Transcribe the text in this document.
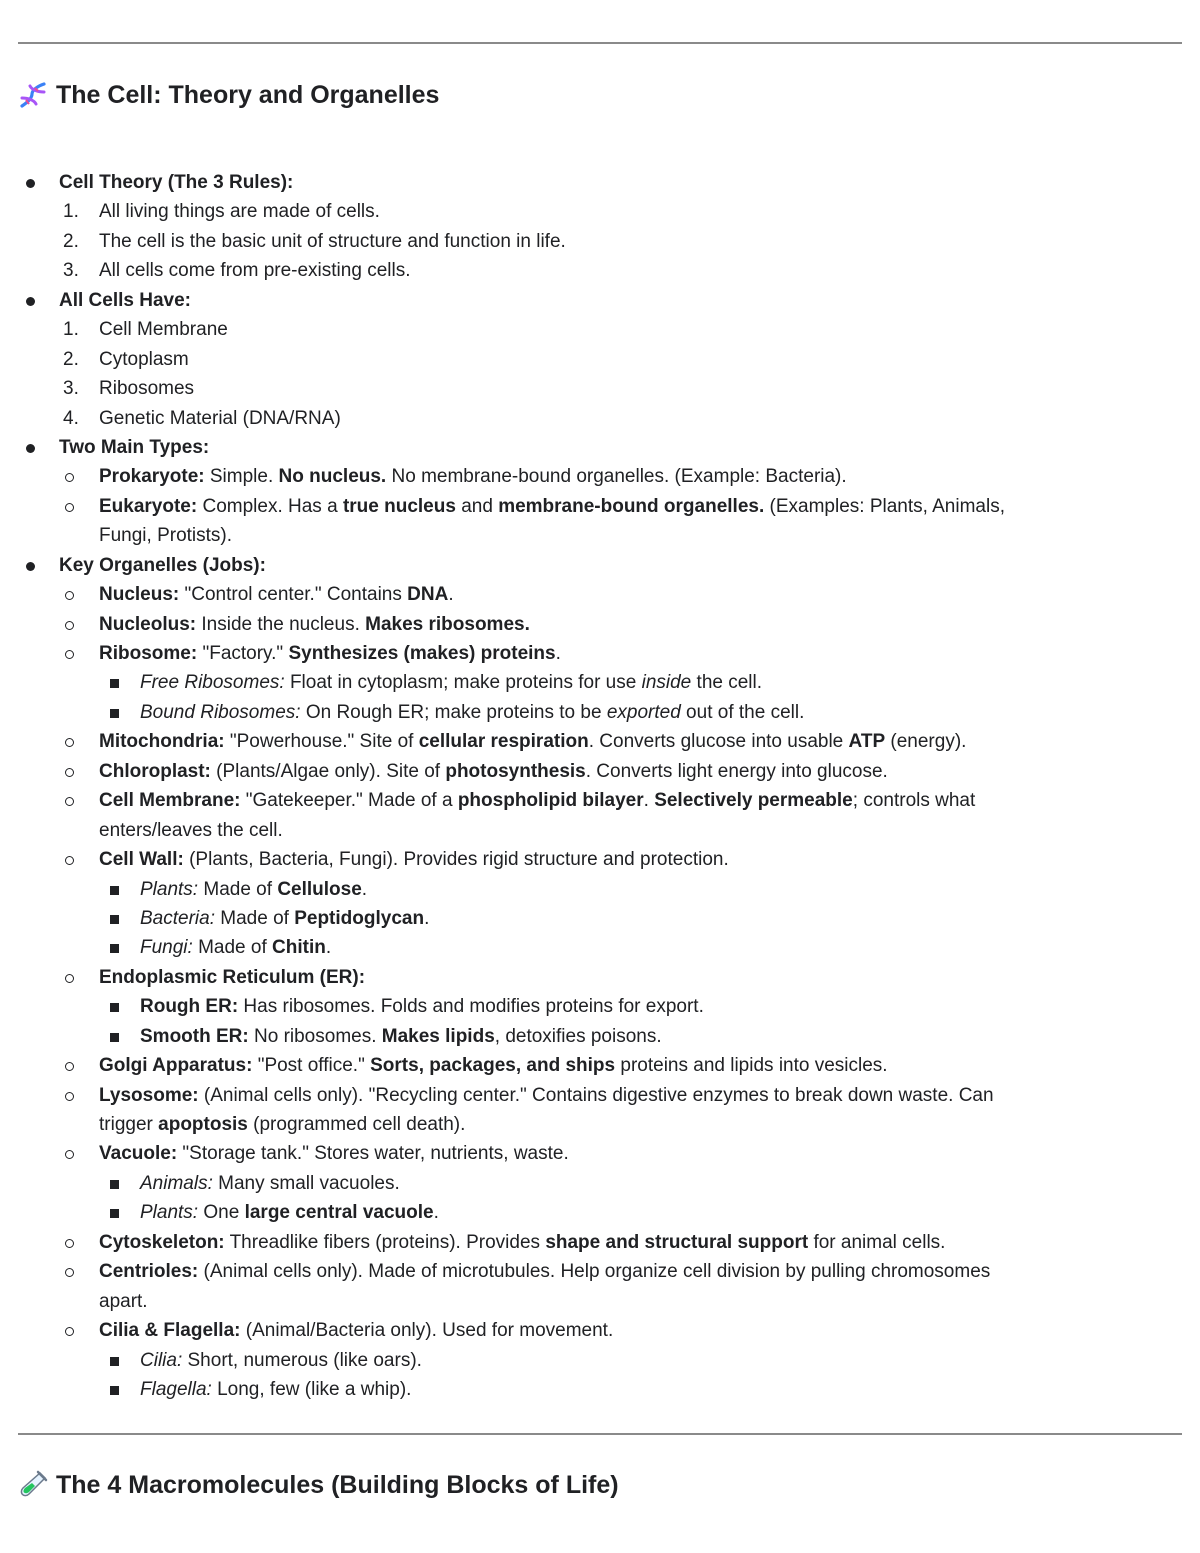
The Cell: Theory and Organelles
Cell Theory (The 3 Rules):
1.	All living things are made of cells.
2.	The cell is the basic unit of structure and function in life.
3.	All cells come from pre-existing cells.
All Cells Have:
1.	Cell Membrane
2.	Cytoplasm
3.	Ribosomes
4.	Genetic Material (DNA/RNA)
Two Main Types:
Prokaryote: Simple. No nucleus. No membrane-bound organelles. (Example: Bacteria).
Eukaryote: Complex. Has a true nucleus and membrane-bound organelles. (Examples: Plants, Animals,
Fungi, Protists).
Key Organelles (Jobs):
Nucleus: "Control center." Contains DNA.
Nucleolus: Inside the nucleus. Makes ribosomes.
Ribosome: "Factory." Synthesizes (makes) proteins.
Free Ribosomes: Float in cytoplasm; make proteins for use inside the cell.
Bound Ribosomes: On Rough ER; make proteins to be exported out of the cell.
Mitochondria: "Powerhouse." Site of cellular respiration. Converts glucose into usable ATP (energy).
Chloroplast: (Plants/Algae only). Site of photosynthesis. Converts light energy into glucose.
Cell Membrane: "Gatekeeper." Made of a phospholipid bilayer. Selectively permeable; controls what
enters/leaves the cell.
Cell Wall: (Plants, Bacteria, Fungi). Provides rigid structure and protection.
Plants: Made of Cellulose.
Bacteria: Made of Peptidoglycan.
Fungi: Made of Chitin.
Endoplasmic Reticulum (ER):
Rough ER: Has ribosomes. Folds and modifies proteins for export.
Smooth ER: No ribosomes. Makes lipids, detoxifies poisons.
Golgi Apparatus: "Post office." Sorts, packages, and ships proteins and lipids into vesicles.
Lysosome: (Animal cells only). "Recycling center." Contains digestive enzymes to break down waste. Can
trigger apoptosis (programmed cell death).
Vacuole: "Storage tank." Stores water, nutrients, waste.
Animals: Many small vacuoles.
Plants: One large central vacuole.
Cytoskeleton: Threadlike fibers (proteins). Provides shape and structural support for animal cells.
Centrioles: (Animal cells only). Made of microtubules. Help organize cell division by pulling chromosomes
apart.
Cilia & Flagella: (Animal/Bacteria only). Used for movement.
Cilia: Short, numerous (like oars).
Flagella: Long, few (like a whip).
The 4 Macromolecules (Building Blocks of Life)
